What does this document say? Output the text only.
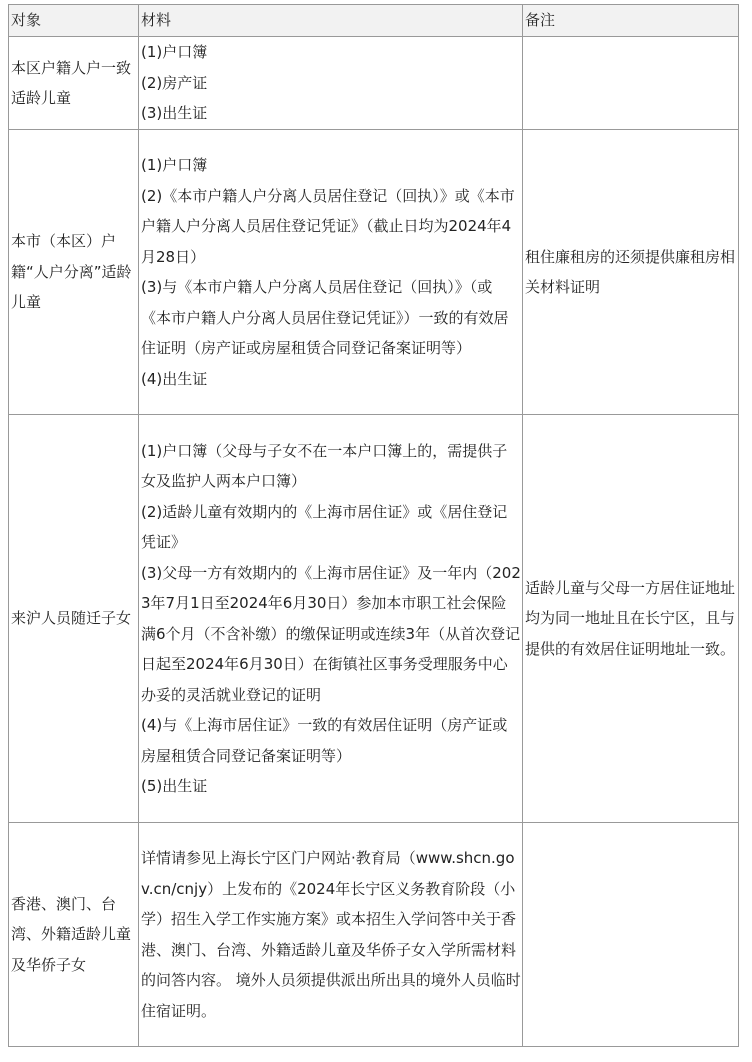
对象	材料	备注

本区户籍人户一致适龄儿童	(1)户口簿
(2)房产证
(3)出生证	

本市（本区）户籍“人户分离”适龄儿童	(1)户口簿
(2)《本市户籍人户分离人员居住登记（回执）》或《本市户籍人户分离人员居住登记凭证》（截止日均为2024年4月28日）
(3)与《本市户籍人户分离人员居住登记（回执）》（或《本市户籍人户分离人员居住登记凭证》）一致的有效居住证明（房产证或房屋租赁合同登记备案证明等）
(4)出生证	租住廉租房的还须提供廉租房相关材料证明

来沪人员随迁子女	(1)户口簿（父母与子女不在一本户口簿上的，需提供子女及监护人两本户口簿）
(2)适龄儿童有效期内的《上海市居住证》或《居住登记凭证》
(3)父母一方有效期内的《上海市居住证》及一年内（2023年7月1日至2024年6月30日）参加本市职工社会保险满6个月（不含补缴）的缴保证明或连续3年（从首次登记日起至2024年6月30日）在街镇社区事务受理服务中心办妥的灵活就业登记的证明
(4)与《上海市居住证》一致的有效居住证明（房产证或房屋租赁合同登记备案证明等）
(5)出生证	适龄儿童与父母一方居住证地址均为同一地址且在长宁区，且与提供的有效居住证明地址一致。

香港、澳门、台湾、外籍适龄儿童及华侨子女	详情请参见上海长宁区门户网站·教育局（www.shcn.gov.cn/cnjy）上发布的《2024年长宁区义务教育阶段（小学）招生入学工作实施方案》或本招生入学问答中关于香港、澳门、台湾、外籍适龄儿童及华侨子女入学所需材料的问答内容。 境外人员须提供派出所出具的境外人员临时住宿证明。	
